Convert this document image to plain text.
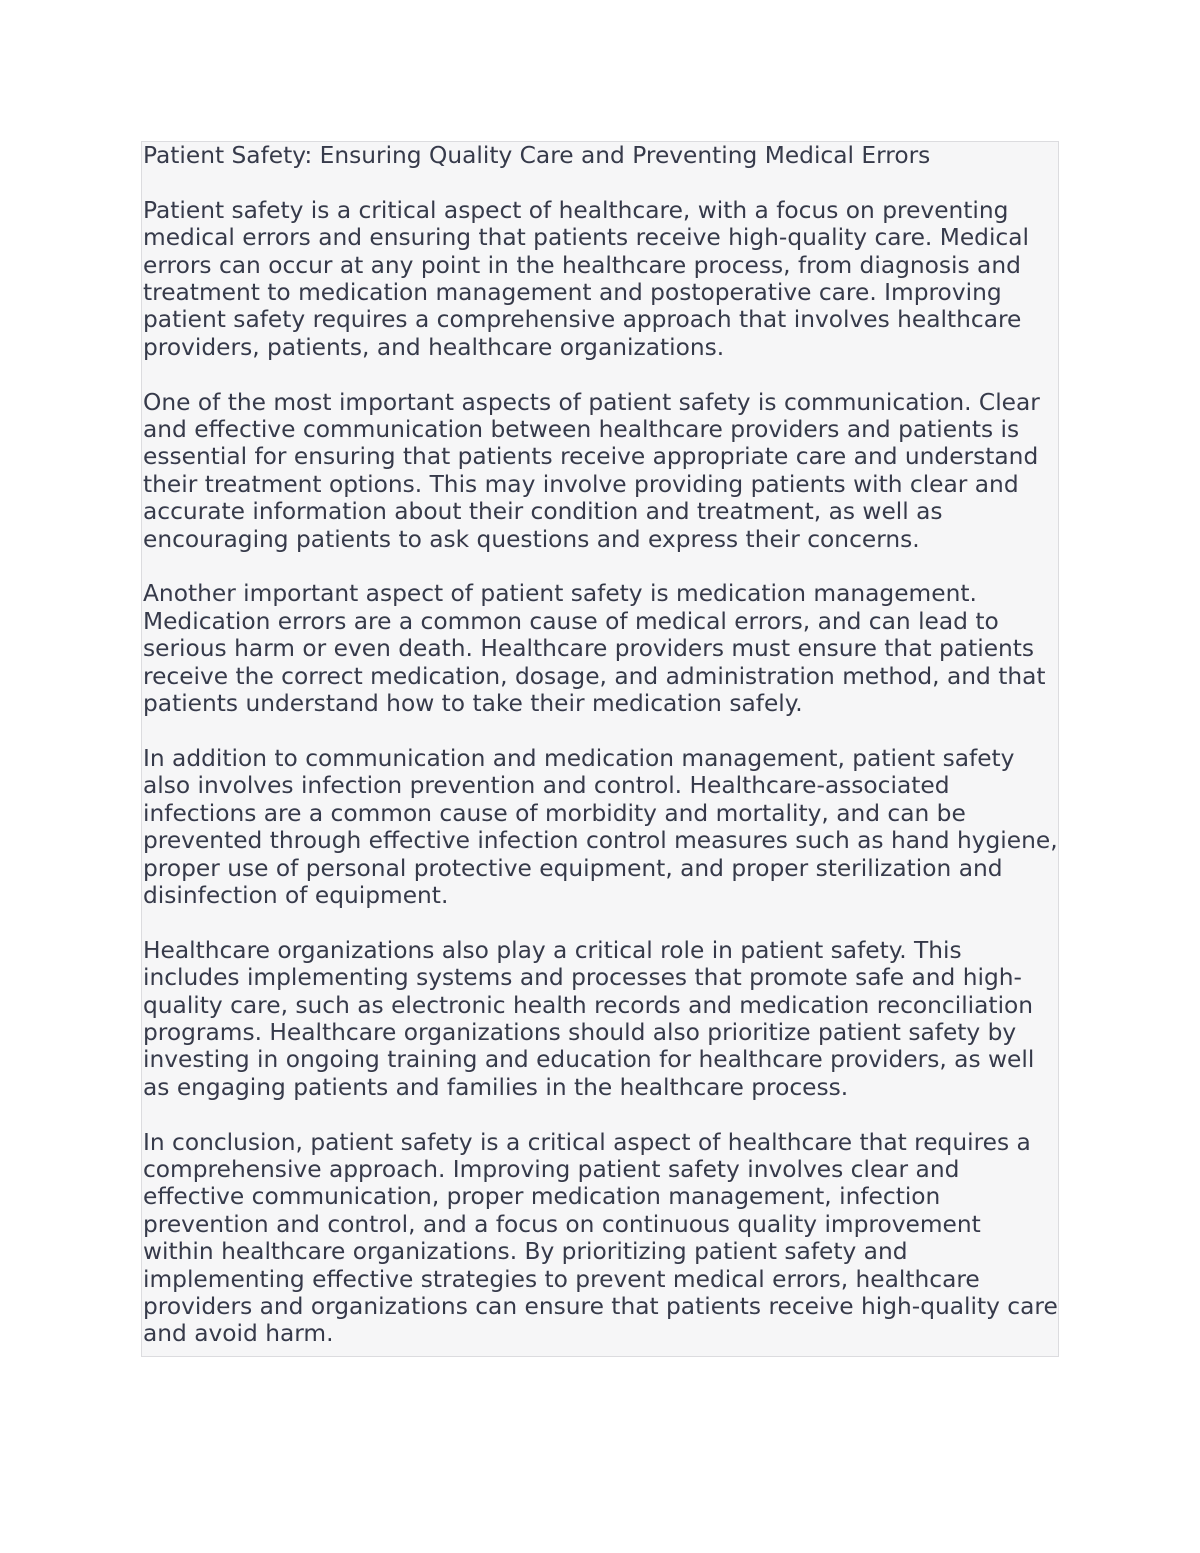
Patient Safety: Ensuring Quality Care and Preventing Medical Errors

Patient safety is a critical aspect of healthcare, with a focus on preventing medical errors and ensuring that patients receive high-quality care. Medical errors can occur at any point in the healthcare process, from diagnosis and treatment to medication management and postoperative care. Improving patient safety requires a comprehensive approach that involves healthcare providers, patients, and healthcare organizations.

One of the most important aspects of patient safety is communication. Clear and effective communication between healthcare providers and patients is essential for ensuring that patients receive appropriate care and understand their treatment options. This may involve providing patients with clear and accurate information about their condition and treatment, as well as encouraging patients to ask questions and express their concerns.

Another important aspect of patient safety is medication management. Medication errors are a common cause of medical errors, and can lead to serious harm or even death. Healthcare providers must ensure that patients receive the correct medication, dosage, and administration method, and that patients understand how to take their medication safely.

In addition to communication and medication management, patient safety also involves infection prevention and control. Healthcare-associated infections are a common cause of morbidity and mortality, and can be prevented through effective infection control measures such as hand hygiene, proper use of personal protective equipment, and proper sterilization and disinfection of equipment.

Healthcare organizations also play a critical role in patient safety. This includes implementing systems and processes that promote safe and high-quality care, such as electronic health records and medication reconciliation programs. Healthcare organizations should also prioritize patient safety by investing in ongoing training and education for healthcare providers, as well as engaging patients and families in the healthcare process.

In conclusion, patient safety is a critical aspect of healthcare that requires a comprehensive approach. Improving patient safety involves clear and effective communication, proper medication management, infection prevention and control, and a focus on continuous quality improvement within healthcare organizations. By prioritizing patient safety and implementing effective strategies to prevent medical errors, healthcare providers and organizations can ensure that patients receive high-quality care and avoid harm.
